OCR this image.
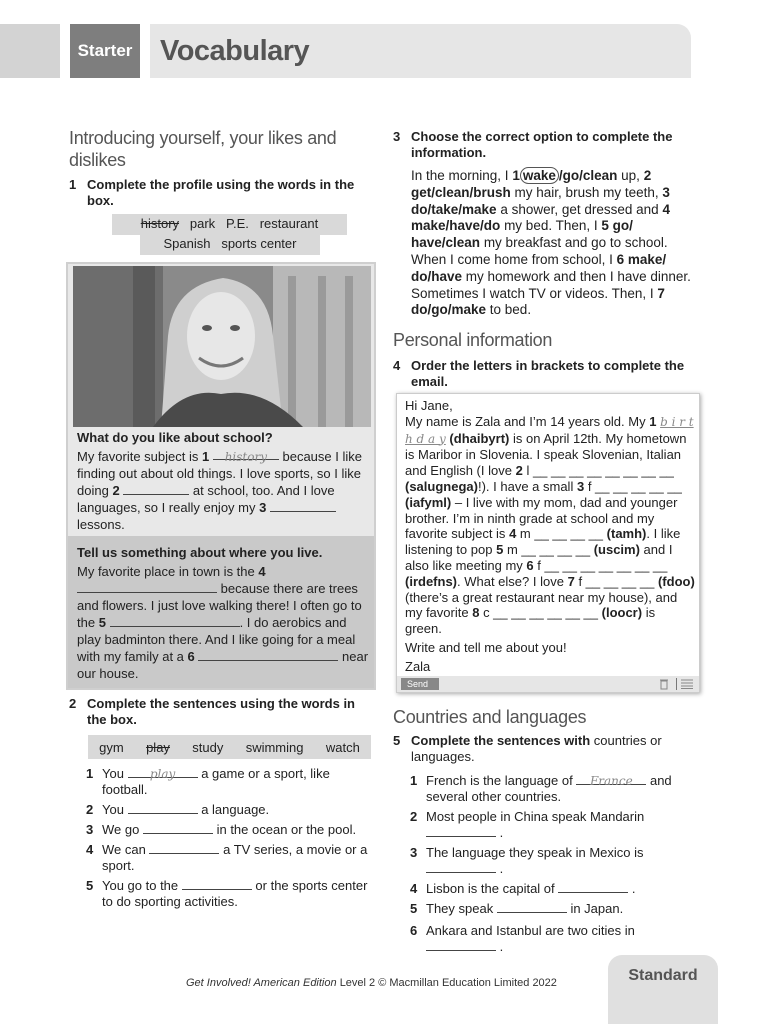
Starter Vocabulary
Introducing yourself, your likes and dislikes
1 Complete the profile using the words in the box.
history park   P.E.   restaurant
Spanish   sports center
What do you like about school?
My favorite subject is 1 history because I like finding out about old things. I love sports, so I like doing 2	at school, too. And I love languages, so I really enjoy my 3  lessons.
Tell us something about where you live.
My favorite place in town is the 4  because there are trees and flowers. I just love walking there! I often go to the 5	. I do aerobics and play badminton there. And I like going for a meal with my family at a 6	near our house.
2 Complete the sentences using the words in the box.
gym play study swimming watch
1 You play a game or a sport, like football.
2 You	a language.
3 We go	in the ocean or the pool.
4 We can	a TV series, a movie or a sport.
5 You go to the	or the sports center to do sporting activities.
3 Choose the correct option to complete the information.
In the morning, I 1 wake /go/clean up, 2 get/clean/brush my hair, brush my teeth, 3 do/take/make a shower, get dressed and 4 make/have/do my bed. Then, I 5 go/ have/clean my breakfast and go to school. When I come home from school, I 6 make/ do/have my homework and then I have dinner. Sometimes I watch TV or videos. Then, I 7 do/go/make to bed.
Personal information
4 Order the letters in brackets to complete the email.
Hi Jane,
My name is Zala and I’m 14 years old. My 1 b i r t h d a y (dhaibyrt) is on April 12th. My hometown is Maribor in Slovenia. I speak Slovenian, Italian and English (I love 2 l __ __ __ __ __ __ __ __ (salugnega)!). I have a small 3 f __ __ __ __ __ (iafyml) – I live with my mom, dad and younger brother. I’m in ninth grade at school and my favorite subject is 4 m __ __ __ __ (tamh). I like listening to pop 5 m __ __ __ __ (uscim) and I also like meeting my 6 f __ __ __ __ __ __ __ (irdefns). What else? I love 7 f __ __ __ __ (fdoo) (there’s a great restaurant near my house), and my favorite 8 c __ __ __ __ __ __ (loocr) is green.
Write and tell me about you!
Zala
Send
Countries and languages
5 Complete the sentences with countries or languages.
1 French is the language of France and several other countries.
2 Most people in China speak Mandarin  .
3 The language they speak in Mexico is  .
4 Lisbon is the capital of	.
5 They speak	in Japan.
6 Ankara and Istanbul are two cities in  .
Get Involved! American Edition Level 2 © Macmillan Education Limited 2022	Standard
